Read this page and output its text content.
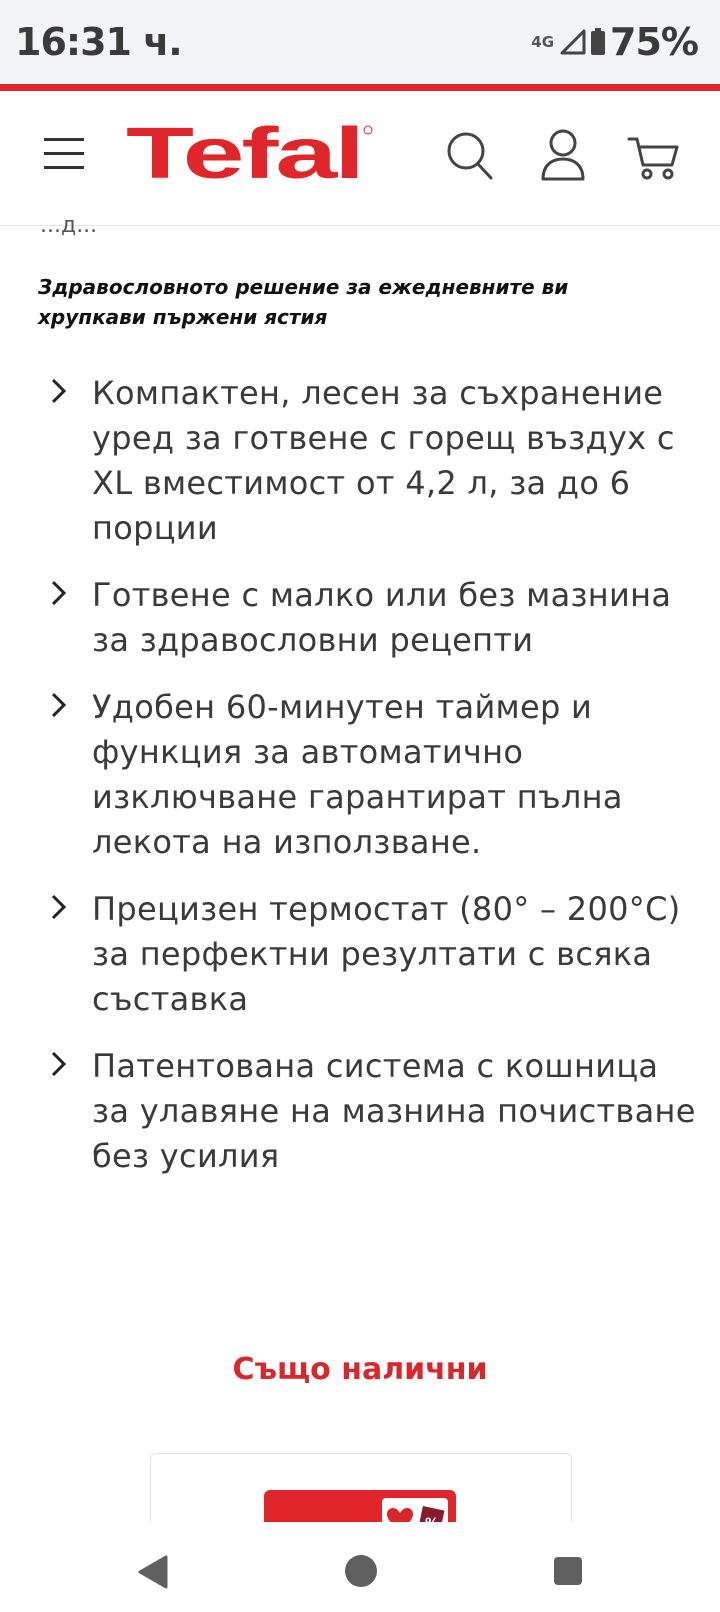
16:31 ч.	4G 75%
Tefal
...д...

Здравословното решение за ежедневните ви хрупкави пържени ястия

Компактен, лесен за съхранение уред за готвене с горещ въздух с XL вместимост от 4,2 л, за до 6 порции
Готвене с малко или без мазнина за здравословни рецепти
Удобен 60-минутен таймер и функция за автоматично изключване гарантират пълна лекота на използване.
Прецизен термостат (80° – 200°C) за перфектни резултати с всяка съставка
Патентована система с кошница за улавяне на мазнина почистване без усилия
Също налични
